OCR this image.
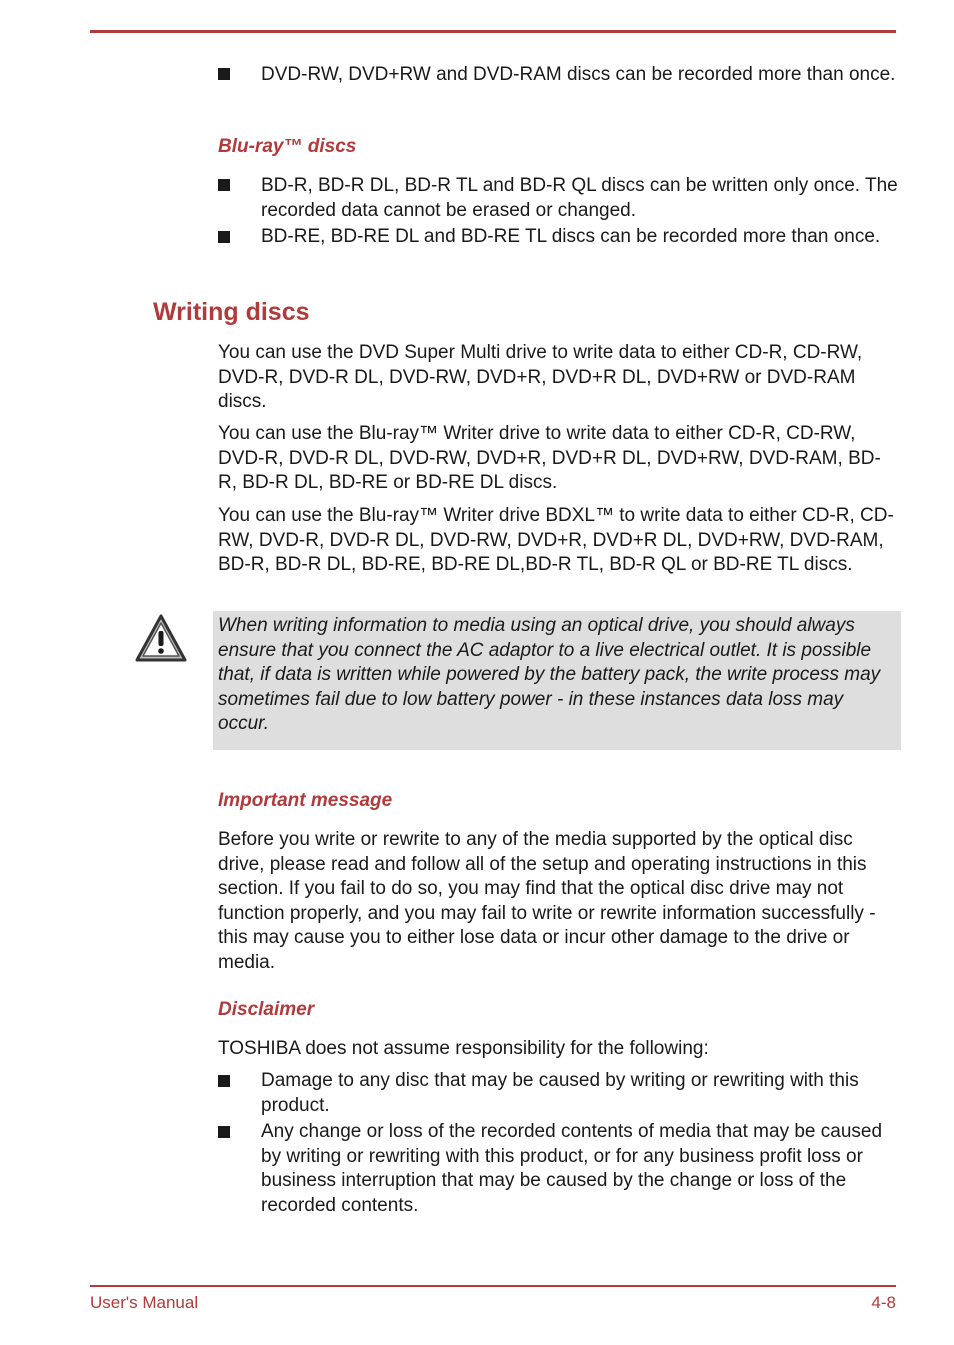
DVD-RW, DVD+RW and DVD-RAM discs can be recorded more than once.
Blu-ray™ discs
BD-R, BD-R DL, BD-R TL and BD-R QL discs can be written only once. The recorded data cannot be erased or changed.
BD-RE, BD-RE DL and BD-RE TL discs can be recorded more than once.
Writing discs
You can use the DVD Super Multi drive to write data to either CD-R, CD-RW, DVD-R, DVD-R DL, DVD-RW, DVD+R, DVD+R DL, DVD+RW or DVD-RAM discs.
You can use the Blu-ray™ Writer drive to write data to either CD-R, CD-RW, DVD-R, DVD-R DL, DVD-RW, DVD+R, DVD+R DL, DVD+RW, DVD-RAM, BD-R, BD-R DL, BD-RE or BD-RE DL discs.
You can use the Blu-ray™ Writer drive BDXL™ to write data to either CD-R, CD-RW, DVD-R, DVD-R DL, DVD-RW, DVD+R, DVD+R DL, DVD+RW, DVD-RAM, BD-R, BD-R DL, BD-RE, BD-RE DL,BD-R TL, BD-R QL or BD-RE TL discs.
When writing information to media using an optical drive, you should always ensure that you connect the AC adaptor to a live electrical outlet. It is possible that, if data is written while powered by the battery pack, the write process may sometimes fail due to low battery power - in these instances data loss may occur.
Important message
Before you write or rewrite to any of the media supported by the optical disc drive, please read and follow all of the setup and operating instructions in this section. If you fail to do so, you may find that the optical disc drive may not function properly, and you may fail to write or rewrite information successfully - this may cause you to either lose data or incur other damage to the drive or media.
Disclaimer
TOSHIBA does not assume responsibility for the following:
Damage to any disc that may be caused by writing or rewriting with this product.
Any change or loss of the recorded contents of media that may be caused by writing or rewriting with this product, or for any business profit loss or business interruption that may be caused by the change or loss of the recorded contents.
User's Manual	4-8
